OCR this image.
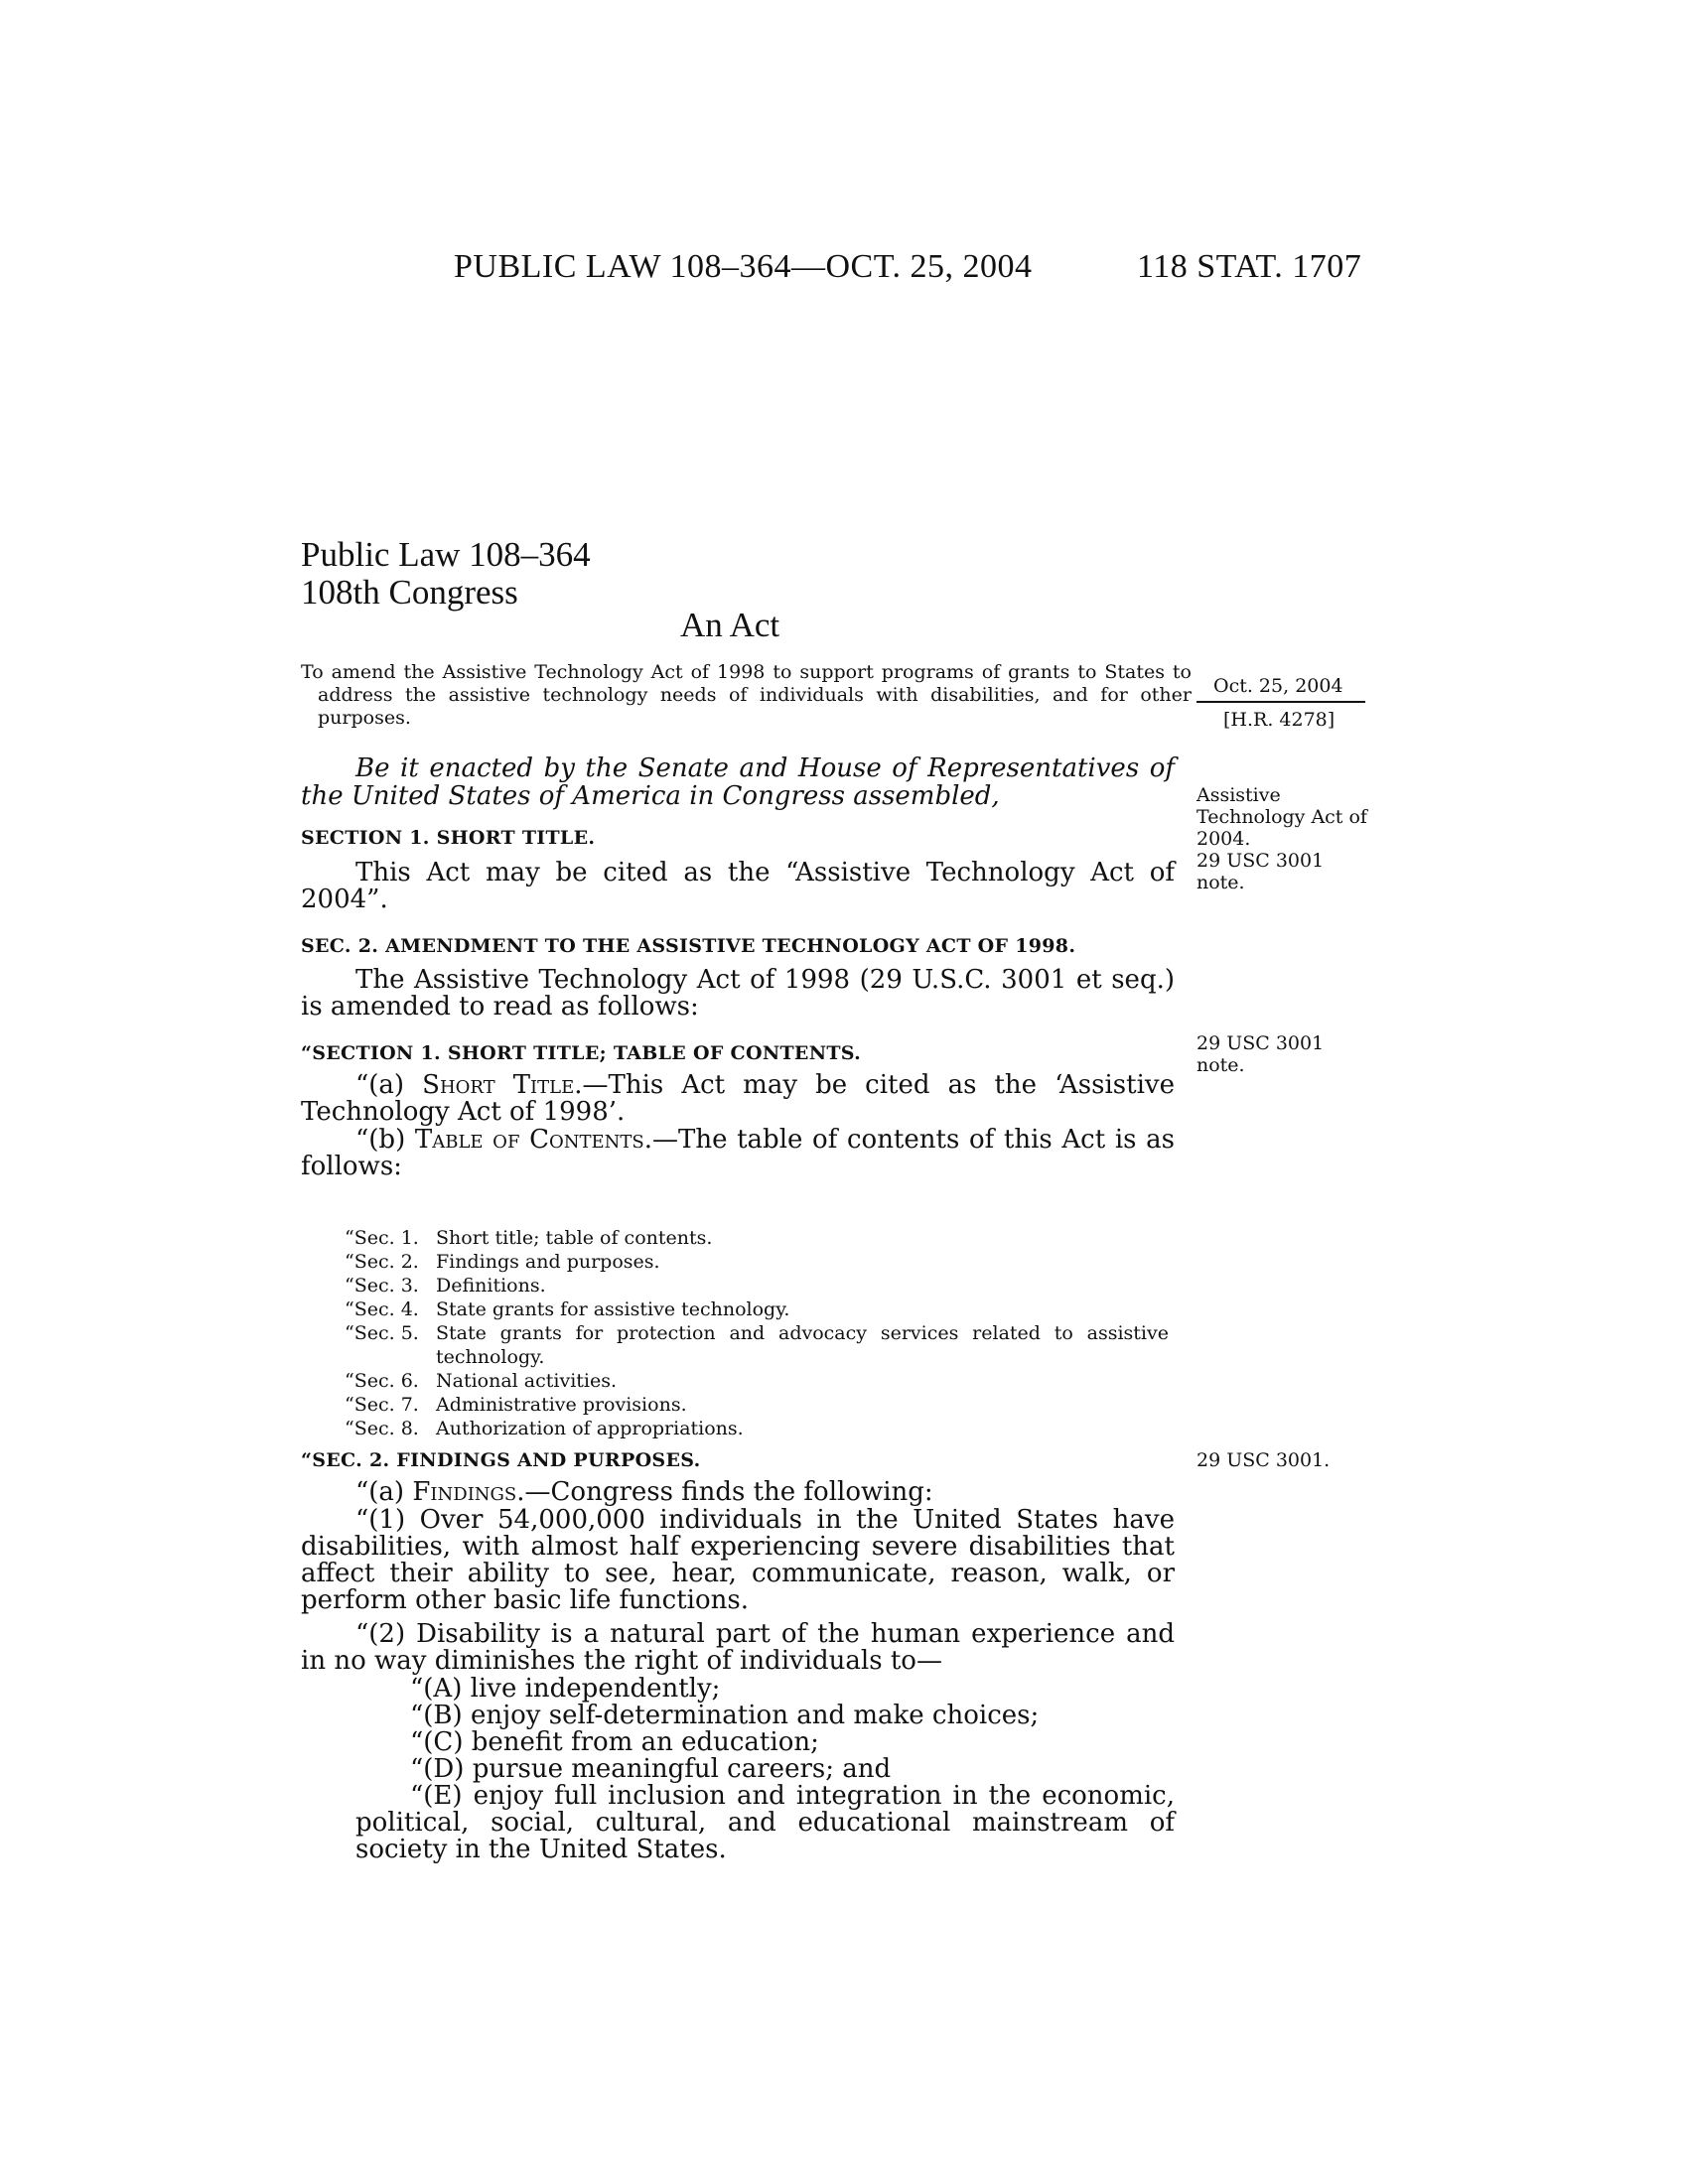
PUBLIC LAW 108–364—OCT. 25, 2004	118 STAT. 1707
Public Law 108–364
108th Congress
An Act
To amend the Assistive Technology Act of 1998 to support programs of grants to States to address the assistive technology needs of individuals with disabilities, and for other purposes.
Oct. 25, 2004
[H.R. 4278]
Assistive Technology Act of 2004.
29 USC 3001 note.
29 USC 3001 note.
29 USC 3001.
Be it enacted by the Senate and House of Representatives of the United States of America in Congress assembled,
SECTION 1. SHORT TITLE.
This Act may be cited as the “Assistive Technology Act of 2004”.
SEC. 2. AMENDMENT TO THE ASSISTIVE TECHNOLOGY ACT OF 1998.
The Assistive Technology Act of 1998 (29 U.S.C. 3001 et seq.) is amended to read as follows:
“SECTION 1. SHORT TITLE; TABLE OF CONTENTS.
“(a) Short Title.—This Act may be cited as the ‘Assistive Technology Act of 1998’.
“(b) Table of Contents.—The table of contents of this Act is as follows:
“Sec. 1. Short title; table of contents.
“Sec. 2. Findings and purposes.
“Sec. 3. Definitions.
“Sec. 4. State grants for assistive technology.
“Sec. 5. State grants for protection and advocacy services related to assistive technology.
“Sec. 6. National activities.
“Sec. 7. Administrative provisions.
“Sec. 8. Authorization of appropriations.
“SEC. 2. FINDINGS AND PURPOSES.
“(a) Findings.—Congress finds the following:
“(1) Over 54,000,000 individuals in the United States have disabilities, with almost half experiencing severe disabilities that affect their ability to see, hear, communicate, reason, walk, or perform other basic life functions.
“(2) Disability is a natural part of the human experience and in no way diminishes the right of individuals to—
“(A) live independently;
“(B) enjoy self-determination and make choices;
“(C) benefit from an education;
“(D) pursue meaningful careers; and
“(E) enjoy full inclusion and integration in the economic, political, social, cultural, and educational mainstream of society in the United States.
